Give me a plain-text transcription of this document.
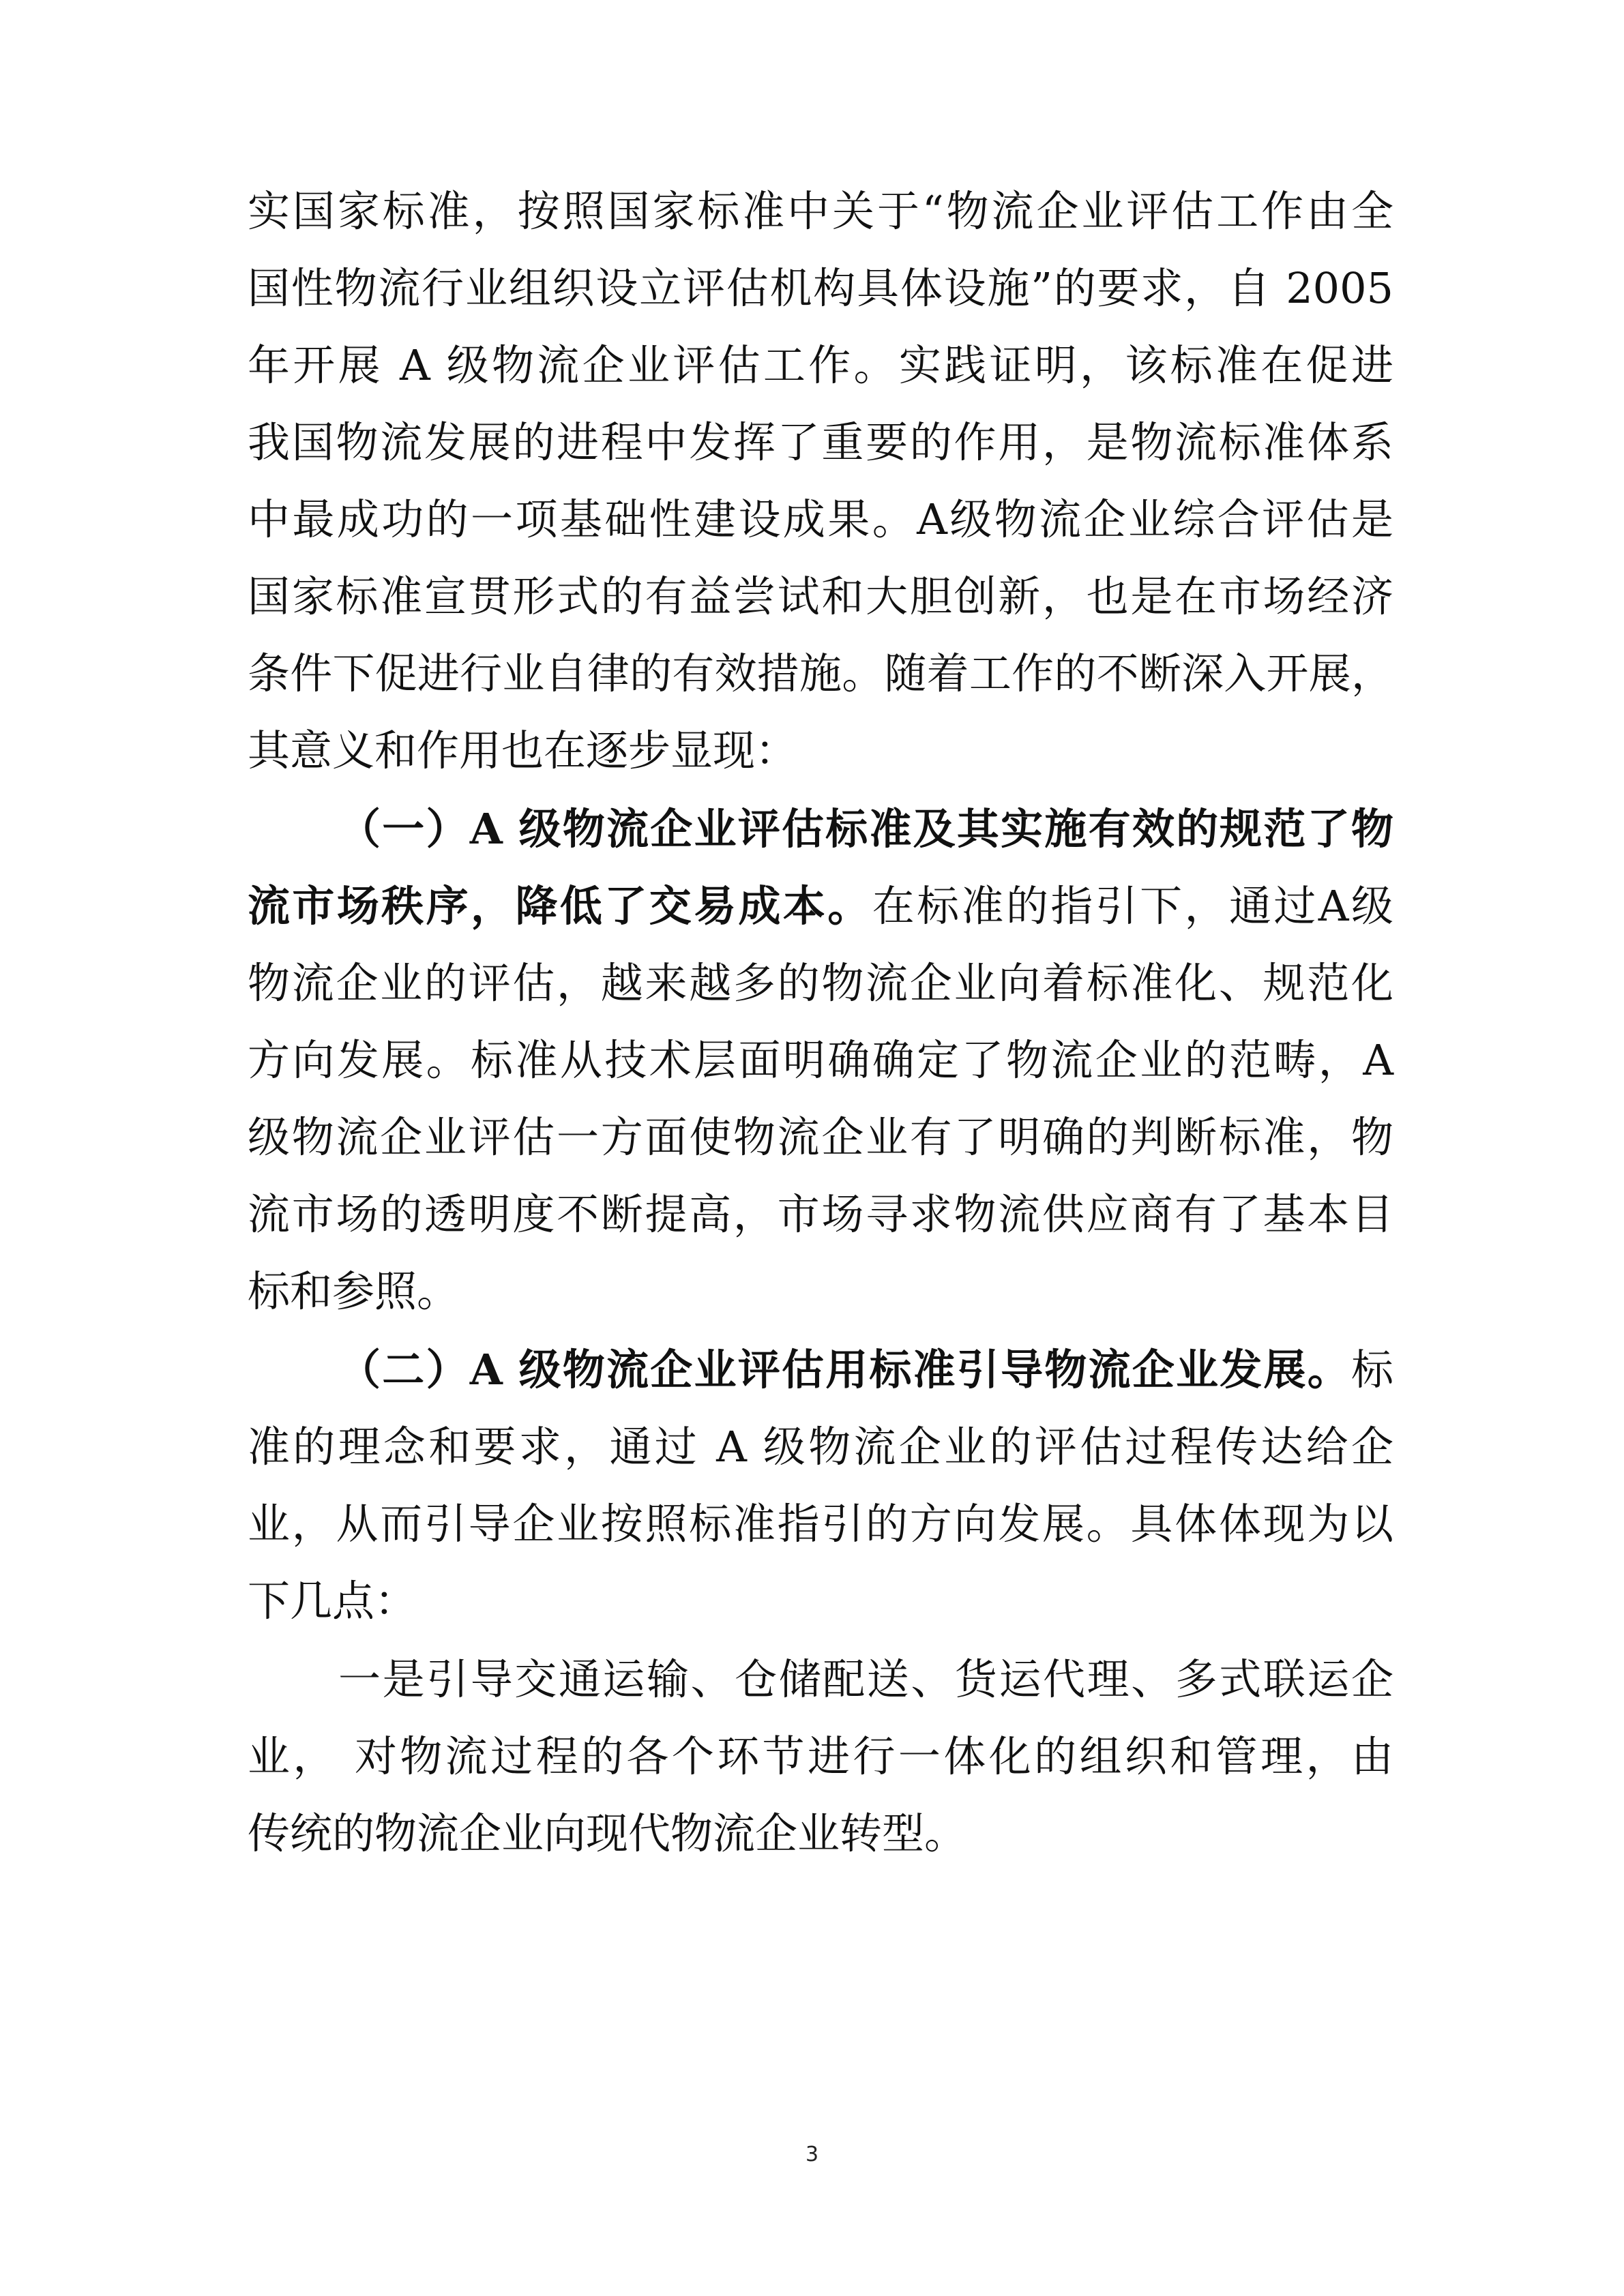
实国家标准，按照国家标准中关于“物流企业评估工作由全
国性物流行业组织设立评估机构具体设施”的要求，自 2005
年开展 A 级物流企业评估工作。实践证明，该标准在促进
我国物流发展的进程中发挥了重要的作用，是物流标准体系
中最成功的一项基础性建设成果。A级物流企业综合评估是
国家标准宣贯形式的有益尝试和大胆创新，也是在市场经济
条件下促进行业自律的有效措施。随着工作的不断深入开展，
其意义和作用也在逐步显现：
（一）A 级物流企业评估标准及其实施有效的规范了物
流市场秩序，降低了交易成本。在标准的指引下，通过A级
物流企业的评估，越来越多的物流企业向着标准化、规范化
方向发展。标准从技术层面明确确定了物流企业的范畴，A
级物流企业评估一方面使物流企业有了明确的判断标准，物
流市场的透明度不断提高，市场寻求物流供应商有了基本目
标和参照。
（二）A 级物流企业评估用标准引导物流企业发展。标
准的理念和要求，通过 A 级物流企业的评估过程传达给企
业，从而引导企业按照标准指引的方向发展。具体体现为以
下几点：
一是引导交通运输、仓储配送、货运代理、多式联运企
业， 对物流过程的各个环节进行一体化的组织和管理，由
传统的物流企业向现代物流企业转型。
3
